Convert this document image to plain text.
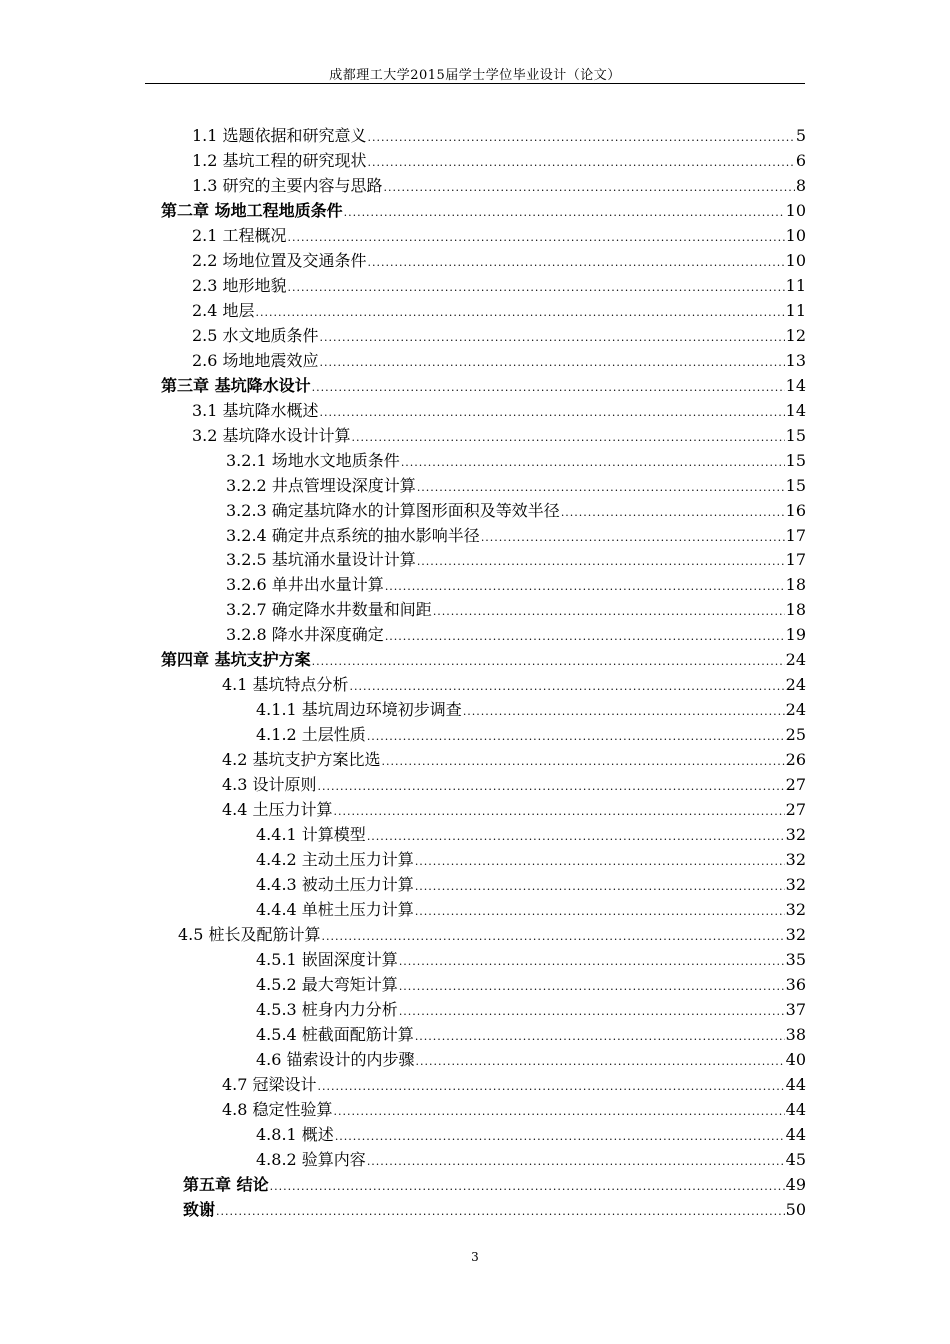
成都理工大学2015届学士学位毕业设计（论文）
1.1 选题依据和研究意义 .....	5
1.2 基坑工程的研究现状 .....	6
1.3 研究的主要内容与思路 .....	8
第二章 场地工程地质条件 .....	10
2.1 工程概况 .....	10
2.2 场地位置及交通条件 .....	10
2.3 地形地貌 .....	11
2.4 地层 .....	11
2.5 水文地质条件 .....	12
2.6 场地地震效应 .....	13
第三章 基坑降水设计 .....	14
3.1 基坑降水概述 .....	14
3.2 基坑降水设计计算 .....	15
3.2.1 场地水文地质条件 .....	15
3.2.2 井点管埋设深度计算 .....	15
3.2.3 确定基坑降水的计算图形面积及等效半径 .....	16
3.2.4 确定井点系统的抽水影响半径 .....	17
3.2.5 基坑涌水量设计计算 .....	17
3.2.6 单井出水量计算 .....	18
3.2.7 确定降水井数量和间距 .....	18
3.2.8 降水井深度确定 .....	19
第四章 基坑支护方案 .....	24
4.1 基坑特点分析 .....	24
4.1.1 基坑周边环境初步调查 .....	24
4.1.2 土层性质 .....	25
4.2 基坑支护方案比选 .....	26
4.3 设计原则 .....	27
4.4 土压力计算 .....	27
4.4.1 计算模型 .....	32
4.4.2 主动土压力计算 .....	32
4.4.3 被动土压力计算 .....	32
4.4.4 单桩土压力计算 .....	32
4.5 桩长及配筋计算 .....	32
4.5.1 嵌固深度计算 .....	35
4.5.2 最大弯矩计算 .....	36
4.5.3 桩身内力分析 .....	37
4.5.4 桩截面配筋计算 .....	38
4.6 锚索设计的内步骤 .....	40
4.7 冠梁设计 .....	44
4.8 稳定性验算 .....	44
4.8.1 概述 .....	44
4.8.2 验算内容 .....	45
第五章 结论 .....	49
致谢 .....	50
3
